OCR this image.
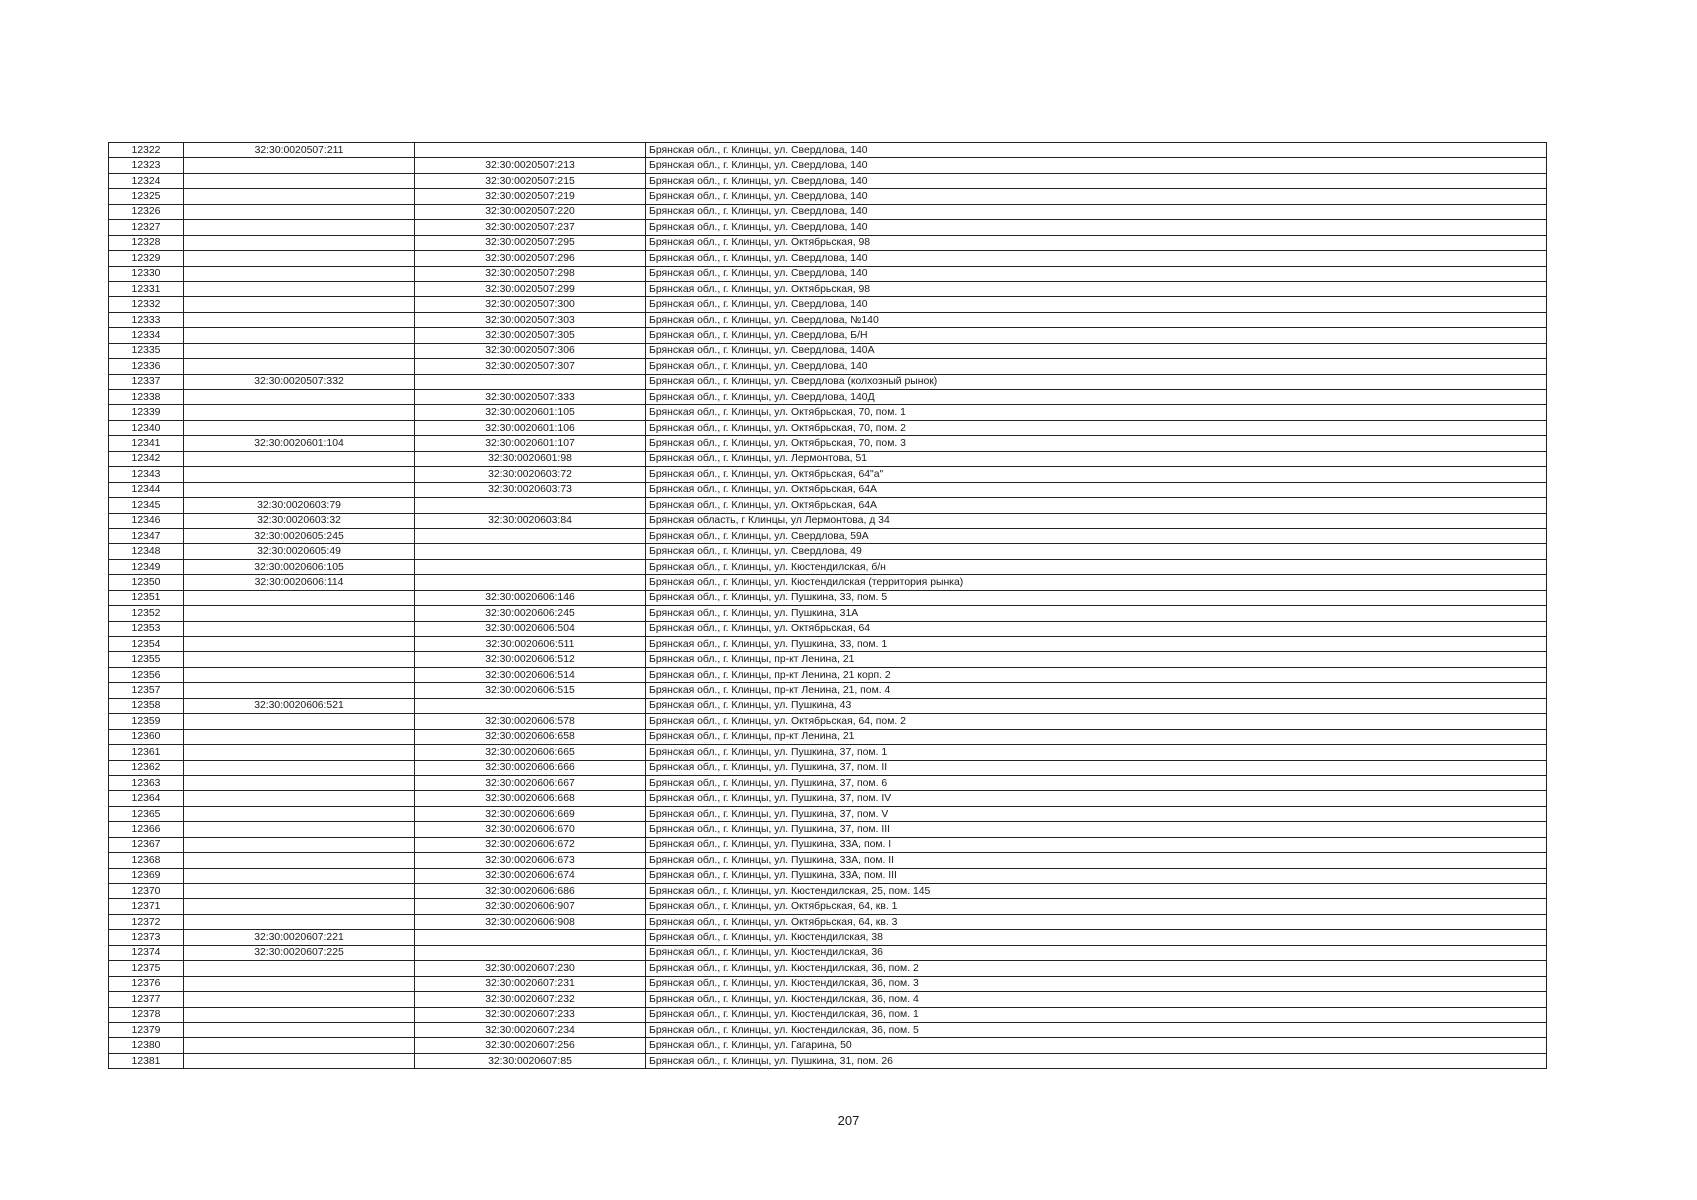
12322	32:30:0020507:211		Брянская обл., г. Клинцы, ул. Свердлова, 140
12323		32:30:0020507:213	Брянская обл., г. Клинцы, ул. Свердлова, 140
12324		32:30:0020507:215	Брянская обл., г. Клинцы, ул. Свердлова, 140
12325		32:30:0020507:219	Брянская обл., г. Клинцы, ул. Свердлова, 140
12326		32:30:0020507:220	Брянская обл., г. Клинцы, ул. Свердлова, 140
12327		32:30:0020507:237	Брянская обл., г. Клинцы, ул. Свердлова, 140
12328		32:30:0020507:295	Брянская обл., г. Клинцы, ул. Октябрьская, 98
12329		32:30:0020507:296	Брянская обл., г. Клинцы, ул. Свердлова, 140
12330		32:30:0020507:298	Брянская обл., г. Клинцы, ул. Свердлова, 140
12331		32:30:0020507:299	Брянская обл., г. Клинцы, ул. Октябрьская, 98
12332		32:30:0020507:300	Брянская обл., г. Клинцы, ул. Свердлова, 140
12333		32:30:0020507:303	Брянская обл., г. Клинцы, ул. Свердлова, №140
12334		32:30:0020507:305	Брянская обл., г. Клинцы, ул. Свердлова, Б/Н
12335		32:30:0020507:306	Брянская обл., г. Клинцы, ул. Свердлова, 140А
12336		32:30:0020507:307	Брянская обл., г. Клинцы, ул. Свердлова, 140
12337	32:30:0020507:332		Брянская обл., г. Клинцы, ул. Свердлова (колхозный рынок)
12338		32:30:0020507:333	Брянская обл., г. Клинцы, ул. Свердлова, 140Д
12339		32:30:0020601:105	Брянская обл., г. Клинцы, ул. Октябрьская, 70, пом. 1
12340		32:30:0020601:106	Брянская обл., г. Клинцы, ул. Октябрьская, 70, пом. 2
12341	32:30:0020601:104	32:30:0020601:107	Брянская обл., г. Клинцы, ул. Октябрьская, 70, пом. 3
12342		32:30:0020601:98	Брянская обл., г. Клинцы, ул. Лермонтова, 51
12343		32:30:0020603:72	Брянская обл., г. Клинцы, ул. Октябрьская, 64"а"
12344		32:30:0020603:73	Брянская обл., г. Клинцы, ул. Октябрьская, 64А
12345	32:30:0020603:79		Брянская обл., г. Клинцы, ул. Октябрьская, 64А
12346	32:30:0020603:32	32:30:0020603:84	Брянская область, г Клинцы, ул Лермонтова, д 34
12347	32:30:0020605:245		Брянская обл., г. Клинцы, ул. Свердлова, 59А
12348	32:30:0020605:49		Брянская обл., г. Клинцы, ул. Свердлова, 49
12349	32:30:0020606:105		Брянская обл., г. Клинцы, ул. Кюстендилская, б/н
12350	32:30:0020606:114		Брянская обл., г. Клинцы, ул. Кюстендилская (территория рынка)
12351		32:30:0020606:146	Брянская обл., г. Клинцы, ул. Пушкина, 33, пом. 5
12352		32:30:0020606:245	Брянская обл., г. Клинцы, ул. Пушкина, 31А
12353		32:30:0020606:504	Брянская обл., г. Клинцы, ул. Октябрьская, 64
12354		32:30:0020606:511	Брянская обл., г. Клинцы, ул. Пушкина, 33, пом. 1
12355		32:30:0020606:512	Брянская обл., г. Клинцы, пр-кт Ленина, 21
12356		32:30:0020606:514	Брянская обл., г. Клинцы, пр-кт Ленина, 21 корп. 2
12357		32:30:0020606:515	Брянская обл., г. Клинцы, пр-кт Ленина, 21, пом. 4
12358	32:30:0020606:521		Брянская обл., г. Клинцы, ул. Пушкина, 43
12359		32:30:0020606:578	Брянская обл., г. Клинцы, ул. Октябрьская, 64, пом. 2
12360		32:30:0020606:658	Брянская обл., г. Клинцы, пр-кт Ленина, 21
12361		32:30:0020606:665	Брянская обл., г. Клинцы, ул. Пушкина, 37, пом. 1
12362		32:30:0020606:666	Брянская обл., г. Клинцы, ул. Пушкина, 37, пом. II
12363		32:30:0020606:667	Брянская обл., г. Клинцы, ул. Пушкина, 37, пом. 6
12364		32:30:0020606:668	Брянская обл., г. Клинцы, ул. Пушкина, 37, пом. IV
12365		32:30:0020606:669	Брянская обл., г. Клинцы, ул. Пушкина, 37, пом. V
12366		32:30:0020606:670	Брянская обл., г. Клинцы, ул. Пушкина, 37, пом. III
12367		32:30:0020606:672	Брянская обл., г. Клинцы, ул. Пушкина, 33А, пом. I
12368		32:30:0020606:673	Брянская обл., г. Клинцы, ул. Пушкина, 33А, пом. II
12369		32:30:0020606:674	Брянская обл., г. Клинцы, ул. Пушкина, 33А, пом. III
12370		32:30:0020606:686	Брянская обл., г. Клинцы, ул. Кюстендилская, 25, пом. 145
12371		32:30:0020606:907	Брянская обл., г. Клинцы, ул. Октябрьская, 64, кв. 1
12372		32:30:0020606:908	Брянская обл., г. Клинцы, ул. Октябрьская, 64, кв. 3
12373	32:30:0020607:221		Брянская обл., г. Клинцы, ул. Кюстендилская, 38
12374	32:30:0020607:225		Брянская обл., г. Клинцы, ул. Кюстендилская, 36
12375		32:30:0020607:230	Брянская обл., г. Клинцы, ул. Кюстендилская, 36, пом. 2
12376		32:30:0020607:231	Брянская обл., г. Клинцы, ул. Кюстендилская, 36, пом. 3
12377		32:30:0020607:232	Брянская обл., г. Клинцы, ул. Кюстендилская, 36, пом. 4
12378		32:30:0020607:233	Брянская обл., г. Клинцы, ул. Кюстендилская, 36, пом. 1
12379		32:30:0020607:234	Брянская обл., г. Клинцы, ул. Кюстендилская, 36, пом. 5
12380		32:30:0020607:256	Брянская обл., г. Клинцы, ул. Гагарина, 50
12381		32:30:0020607:85	Брянская обл., г. Клинцы, ул. Пушкина, 31, пом. 26
207
